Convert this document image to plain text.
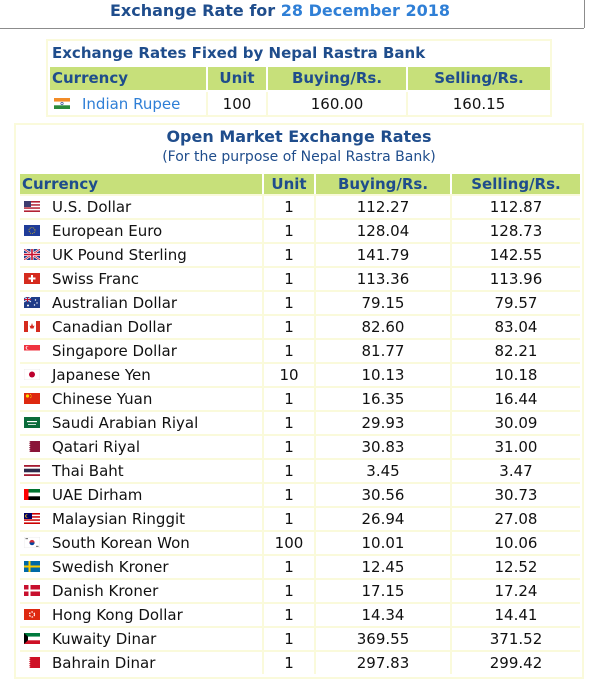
Exchange Rate for 28 December 2018
Exchange Rates Fixed by Nepal Rastra Bank
Currency	Unit	Buying/Rs.	Selling/Rs.
Indian Rupee	100	160.00	160.15
Open Market Exchange Rates
(For the purpose of Nepal Rastra Bank)
Currency	Unit	Buying/Rs.	Selling/Rs.
U.S. Dollar	1	112.27	112.87
European Euro	1	128.04	128.73
UK Pound Sterling	1	141.79	142.55
Swiss Franc	1	113.36	113.96
Australian Dollar	1	79.15	79.57
Canadian Dollar	1	82.60	83.04
Singapore Dollar	1	81.77	82.21
Japanese Yen	10	10.13	10.18
Chinese Yuan	1	16.35	16.44
Saudi Arabian Riyal	1	29.93	30.09
Qatari Riyal	1	30.83	31.00
Thai Baht	1	3.45	3.47
UAE Dirham	1	30.56	30.73
Malaysian Ringgit	1	26.94	27.08
South Korean Won	100	10.01	10.06
Swedish Kroner	1	12.45	12.52
Danish Kroner	1	17.15	17.24
Hong Kong Dollar	1	14.34	14.41
Kuwaity Dinar	1	369.55	371.52
Bahrain Dinar	1	297.83	299.42
